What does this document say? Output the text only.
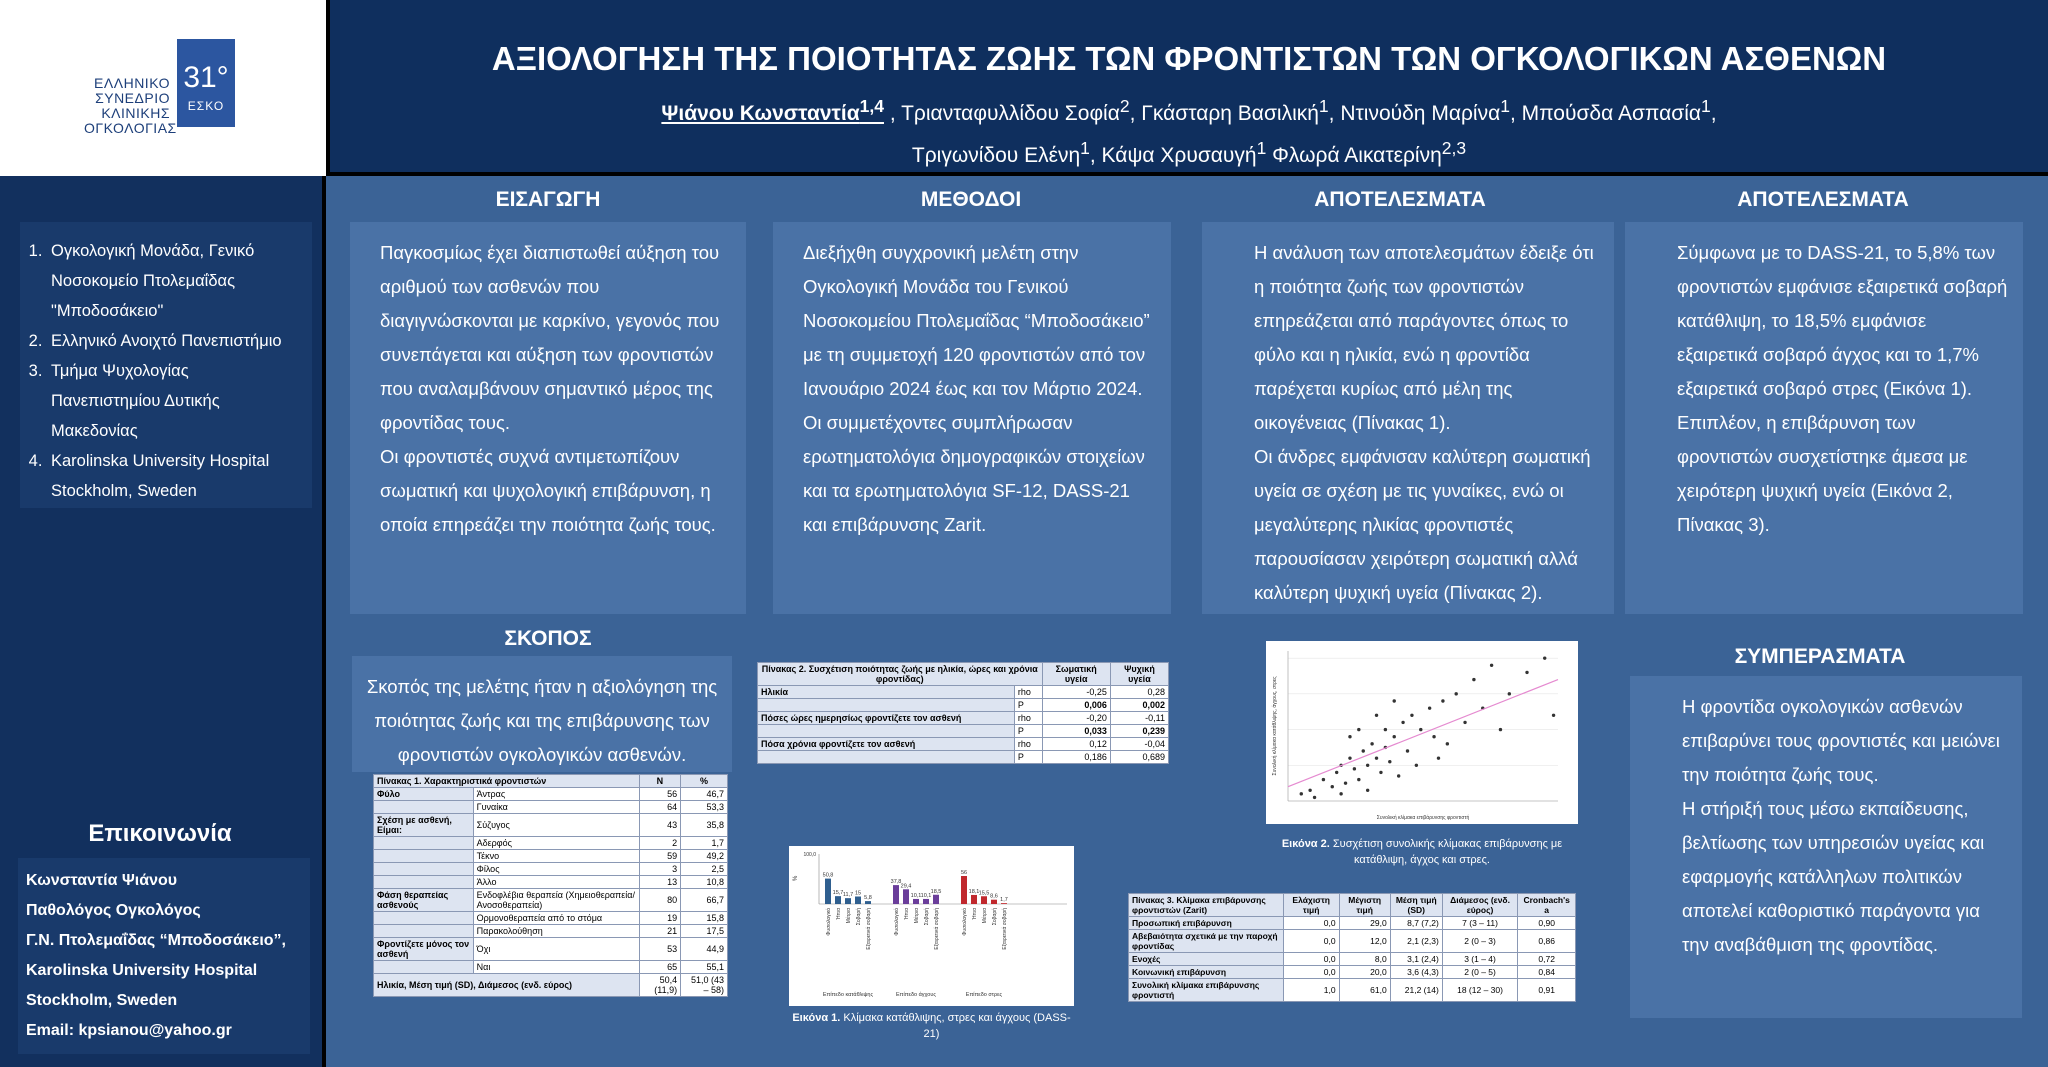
ΕΛΛΗΝΙΚΟ
ΣΥΝΕΔΡΙΟ
ΚΛΙΝΙΚΗΣ
ΟΓΚΟΛΟΓΙΑΣ
31°
ΕΣΚΟ
ΑΞΙΟΛΟΓΗΣΗ ΤΗΣ ΠΟΙΟΤΗΤΑΣ ΖΩΗΣ ΤΩΝ ΦΡΟΝΤΙΣΤΩΝ ΤΩΝ ΟΓΚΟΛΟΓΙΚΩΝ ΑΣΘΕΝΩΝ
Ψιάνου Κωνσταντία$^{1,4}$ , Τριανταφυλλίδου Σοφία$^2$, Γκάσταρη Βασιλική$^1$, Ντινούδη Μαρίνα$^1$, Μπούσδα Ασπασία$^1$,
Τριγωνίδου Ελένη$^1$, Κάψα Χρυσαυγή$^1$ Φλωρά Αικατερίνη$^{2,3}$
1. Ογκολογική Μονάδα, Γενικό Νοσοκομείο Πτολεμαΐδας "Μποδοσάκειο"
2. Ελληνικό Ανοιχτό Πανεπιστήμιο
3. Τμήμα Ψυχολογίας Πανεπιστημίου Δυτικής Μακεδονίας
4. Karolinska University Hospital Stockholm, Sweden
Επικοινωνία
Κωνσταντία Ψιάνου
Παθολόγος Ογκολόγος
Γ.Ν. Πτολεμαΐδας “Μποδοσάκειο”,
Karolinska University Hospital
Stockholm, Sweden
Email: kpsianou@yahoo.gr
ΕΙΣΑΓΩΓΗ	ΜΕΘΟΔΟΙ	ΑΠΟΤΕΛΕΣΜΑΤΑ	ΑΠΟΤΕΛΕΣΜΑΤΑ

Παγκοσμίως έχει διαπιστωθεί αύξηση του αριθμού των ασθενών που διαγιγνώσκονται με καρκίνο, γεγονός που συνεπάγεται και αύξηση των φροντιστών που αναλαμβάνουν σημαντικό μέρος της φροντίδας τους.

Οι φροντιστές συχνά αντιμετωπίζουν σωματική και ψυχολογική επιβάρυνση, η οποία επηρεάζει την ποιότητα ζωής τους.

Διεξήχθη συγχρονική μελέτη στην Ογκολογική Μονάδα του Γενικού Νοσοκομείου Πτολεμαΐδας “Μποδοσάκειο” με τη συμμετοχή 120 φροντιστών από τον Ιανουάριο 2024 έως και τον Μάρτιο 2024. Οι συμμετέχοντες συμπλήρωσαν ερωτηματολόγια δημογραφικών στοιχείων και τα ερωτηματολόγια SF-12, DASS-21 και επιβάρυνσης Zarit.

Η ανάλυση των αποτελεσμάτων έδειξε ότι η ποιότητα ζωής των φροντιστών επηρεάζεται από παράγοντες όπως το φύλο και η ηλικία, ενώ η φροντίδα παρέχεται κυρίως από μέλη της οικογένειας (Πίνακας 1).

Οι άνδρες εμφάνισαν καλύτερη σωματική υγεία σε σχέση με τις γυναίκες, ενώ οι μεγαλύτερης ηλικίας φροντιστές παρουσίασαν χειρότερη σωματική αλλά καλύτερη ψυχική υγεία (Πίνακας 2).

Σύμφωνα με το DASS-21, το 5,8% των φροντιστών εμφάνισε εξαιρετικά σοβαρή κατάθλιψη, το 18,5% εμφάνισε εξαιρετικά σοβαρό άγχος και το 1,7% εξαιρετικά σοβαρό στρες (Εικόνα 1). Επιπλέον, η επιβάρυνση των φροντιστών συσχετίστηκε άμεσα με χειρότερη ψυχική υγεία (Εικόνα 2, Πίνακας 3).

ΣΚΟΠΟΣ

Σκοπός της μελέτης ήταν η αξιολόγηση της ποιότητας ζωής και της επιβάρυνσης των φροντιστών ογκολογικών ασθενών.

ΣΥΜΠΕΡΑΣΜΑΤΑ

Η φροντίδα ογκολογικών ασθενών επιβαρύνει τους φροντιστές και μειώνει την ποιότητα ζωής τους.

Η στήριξή τους μέσω εκπαίδευσης, βελτίωσης των υπηρεσιών υγείας και εφαρμογής κατάλληλων πολιτικών αποτελεί καθοριστικό παράγοντα για την αναβάθμιση της φροντίδας.

Πίνακας 1. Χαρακτηριστικά φροντιστών		Ν	%
Φύλο	Άντρας	56	46,7
	Γυναίκα	64	53,3
Σχέση με ασθενή, Είμαι:	Σύζυγος	43	35,8
	Αδερφός	2	1,7
	Τέκνο	59	49,2
	Φίλος	3	2,5
	Άλλο	13	10,8
Φάση θεραπείας ασθενούς	Ενδοφλέβια θεραπεία (Χημειοθεραπεία/Ανοσοθεραπεία)	80	66,7
	Ορμονοθεραπεία από το στόμα	19	15,8
	Παρακολούθηση	21	17,5
Φροντίζετε μόνος τον ασθενή	Όχι	53	44,9
	Ναι	65	55,1
Ηλικία, Μέση τιμή (SD), Διάμεσος (ενδ. εύρος)		50,4 (11,9)	51,0 (43 – 58)
Πίνακας 2. Συσχέτιση ποιότητας ζωής με ηλικία, ώρες και χρόνια φροντίδας)		Σωματική υγεία	Ψυχική υγεία
Ηλικία	rho	-0,25	0,28
	P	0,006	0,002
Πόσες ώρες ημερησίως φροντίζετε τον ασθενή	rho	-0,20	-0,11
	P	0,033	0,239
Πόσα χρόνια φροντίζετε τον ασθενή	rho	0,12	-0,04
	P	0,186	0,689
Πίνακας 3. Κλίμακα επιβάρυνσης φροντιστών (Zarit)	Ελάχιστη τιμή	Μέγιστη τιμή	Μέση τιμή (SD)	Διάμεσος (ενδ. εύρος)	Cronbach's a
Προσωπική επιβάρυνση	0,0	29,0	8,7 (7,2)	7 (3 – 11)	0,90
Αβεβαιότητα σχετικά με την παροχή φροντίδας	0,0	12,0	2,1 (2,3)	2 (0 – 3)	0,86
Ενοχές	0,0	8,0	3,1 (2,4)	3 (1 – 4)	0,72
Κοινωνική επιβάρυνση	0,0	20,0	3,6 (4,3)	2 (0 – 5)	0,84
Συνολική κλίμακα επιβάρυνσης φροντιστή	1,0	61,0	21,2 (14)	18 (12 – 30)	0,91
%
100,0
50,8
Φυσιολογικό
15,7
Ήπια
11,7
Μέτρια
15
Σοβαρή
5,8
Εξαιρετικά σοβαρή
Επίπεδο κατάθλιψης
37,8
Φυσιολογικό
29,4
Ήπια
10,1
Μέτρια
10,1
Σοβαρή
18,5
Εξαιρετικά σοβαρή
Επίπεδο άγχους
56
Φυσιολογικό
18,1
Ήπια
15,5
Μέτρια
8,6
Σοβαρή
1,7
Εξαιρετικά σοβαρή
Επίπεδο στρες
Εικόνα 1. Κλίμακα κατάθλιψης, στρες και άγχους (DASS-21)
Συνολική κλίμακα επιβάρυνσης φροντιστή
Συνολική κλίμακα κατάθλιψης, άγχους, στρες
Εικόνα 2. Συσχέτιση συνολικής κλίμακας επιβάρυνσης με κατάθλιψη, άγχος και στρες.
